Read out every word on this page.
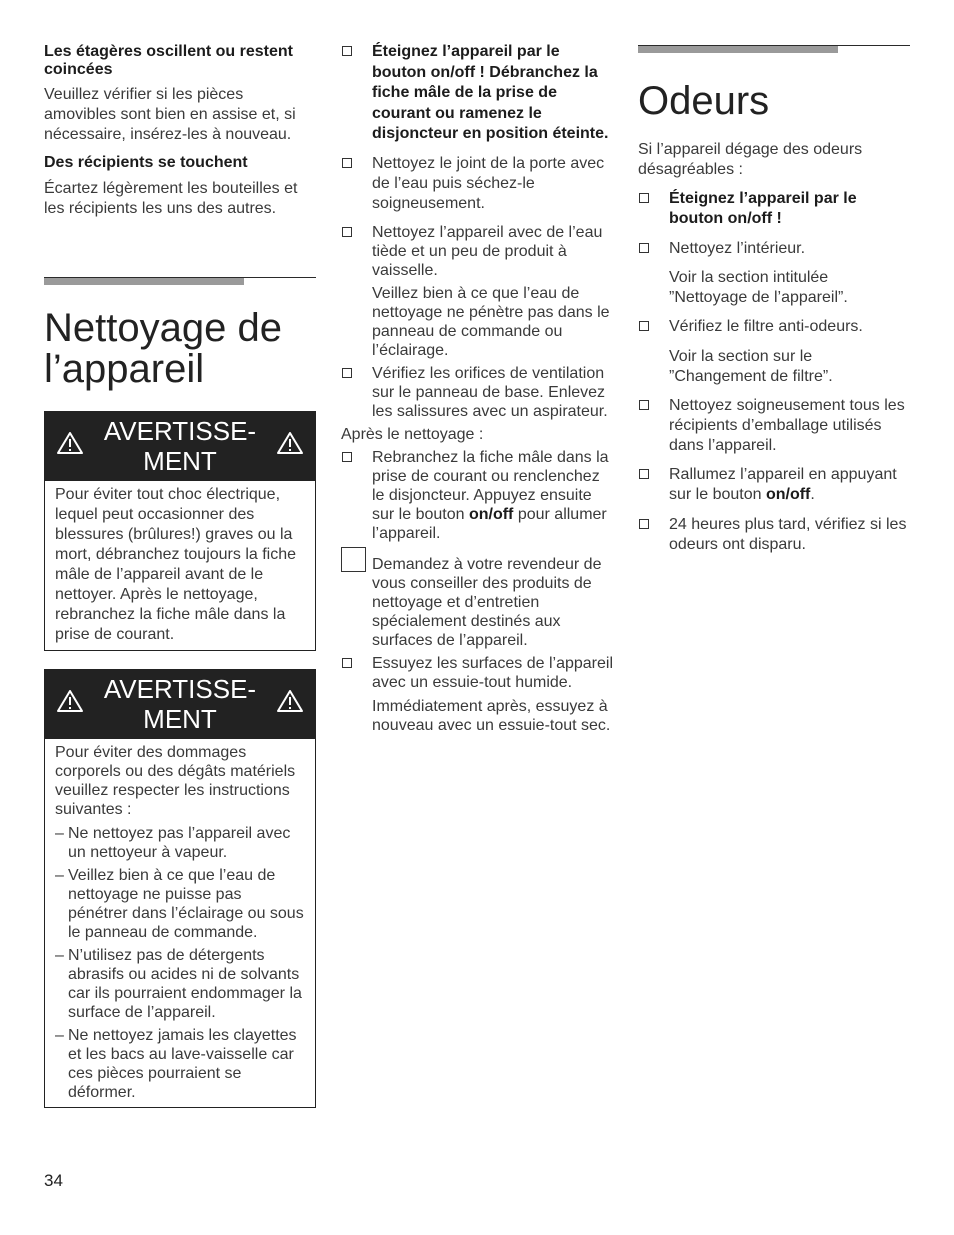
Les étagères oscillent ou restent coincées

Veuillez vérifier si les pièces amovibles sont bien en assise et, si nécessaire, insérez-les à nouveau.

Des récipients se touchent

Écartez légèrement les bouteilles et les récipients les uns des autres.

Nettoyage de
l’appareil
AVERTISSE-
MENT

Pour éviter tout choc électrique, lequel peut occasionner des blessures (brûlures!) graves ou la mort, débranchez toujours la fiche mâle de l’appareil avant de le nettoyer. Après le nettoyage, rebranchez la fiche mâle dans la prise de courant.

AVERTISSE-
MENT

Pour éviter des dommages corporels ou des dégâts matériels veuillez respecter les instructions suivantes :

– Ne nettoyez pas l’appareil avec un nettoyeur à vapeur.
– Veillez bien à ce que l’eau de nettoyage ne puisse pas pénétrer dans l’éclairage ou sous le panneau de commande.
– N’utilisez pas de détergents abrasifs ou acides ni de solvants car ils pourraient endommager la surface de l’appareil.
– Ne nettoyez jamais les clayettes et les bacs au lave-vaisselle car ces pièces pourraient se déformer.
Éteignez l’appareil par le bouton on/off ! Débranchez la fiche mâle de la prise de courant ou ramenez le disjoncteur en position éteinte.
Nettoyez le joint de la porte avec de l’eau puis séchez-le soigneusement.
Nettoyez l’appareil avec de l’eau tiède et un peu de produit à vaisselle.

Veillez bien à ce que l’eau de nettoyage ne pénètre pas dans le panneau de commande ou l’éclairage.

Vérifiez les orifices de ventilation sur le panneau de base. Enlevez les salissures avec un aspirateur.

Après le nettoyage :

Rebranchez la fiche mâle dans la prise de courant ou renclenchez le disjoncteur. Appuyez ensuite sur le bouton on/off pour allumer l’appareil.
Demandez à votre revendeur de vous conseiller des produits de nettoyage et d’entretien spécialement destinés aux surfaces de l’appareil.
Essuyez les surfaces de l’appareil avec un essuie-tout humide.

Immédiatement après, essuyez à nouveau avec un essuie-tout sec.

Odeurs

Si l’appareil dégage des odeurs désagréables :

Éteignez l’appareil par le bouton on/off !
Nettoyez l’intérieur.

Voir la section intitulée ”Nettoyage de l’appareil”.

Vérifiez le filtre anti-odeurs.

Voir la section sur le ”Changement de filtre”.

Nettoyez soigneusement tous les récipients d’emballage utilisés dans l’appareil.
Rallumez l’appareil en appuyant sur le bouton on/off.
24 heures plus tard, vérifiez si les odeurs ont disparu.
34
